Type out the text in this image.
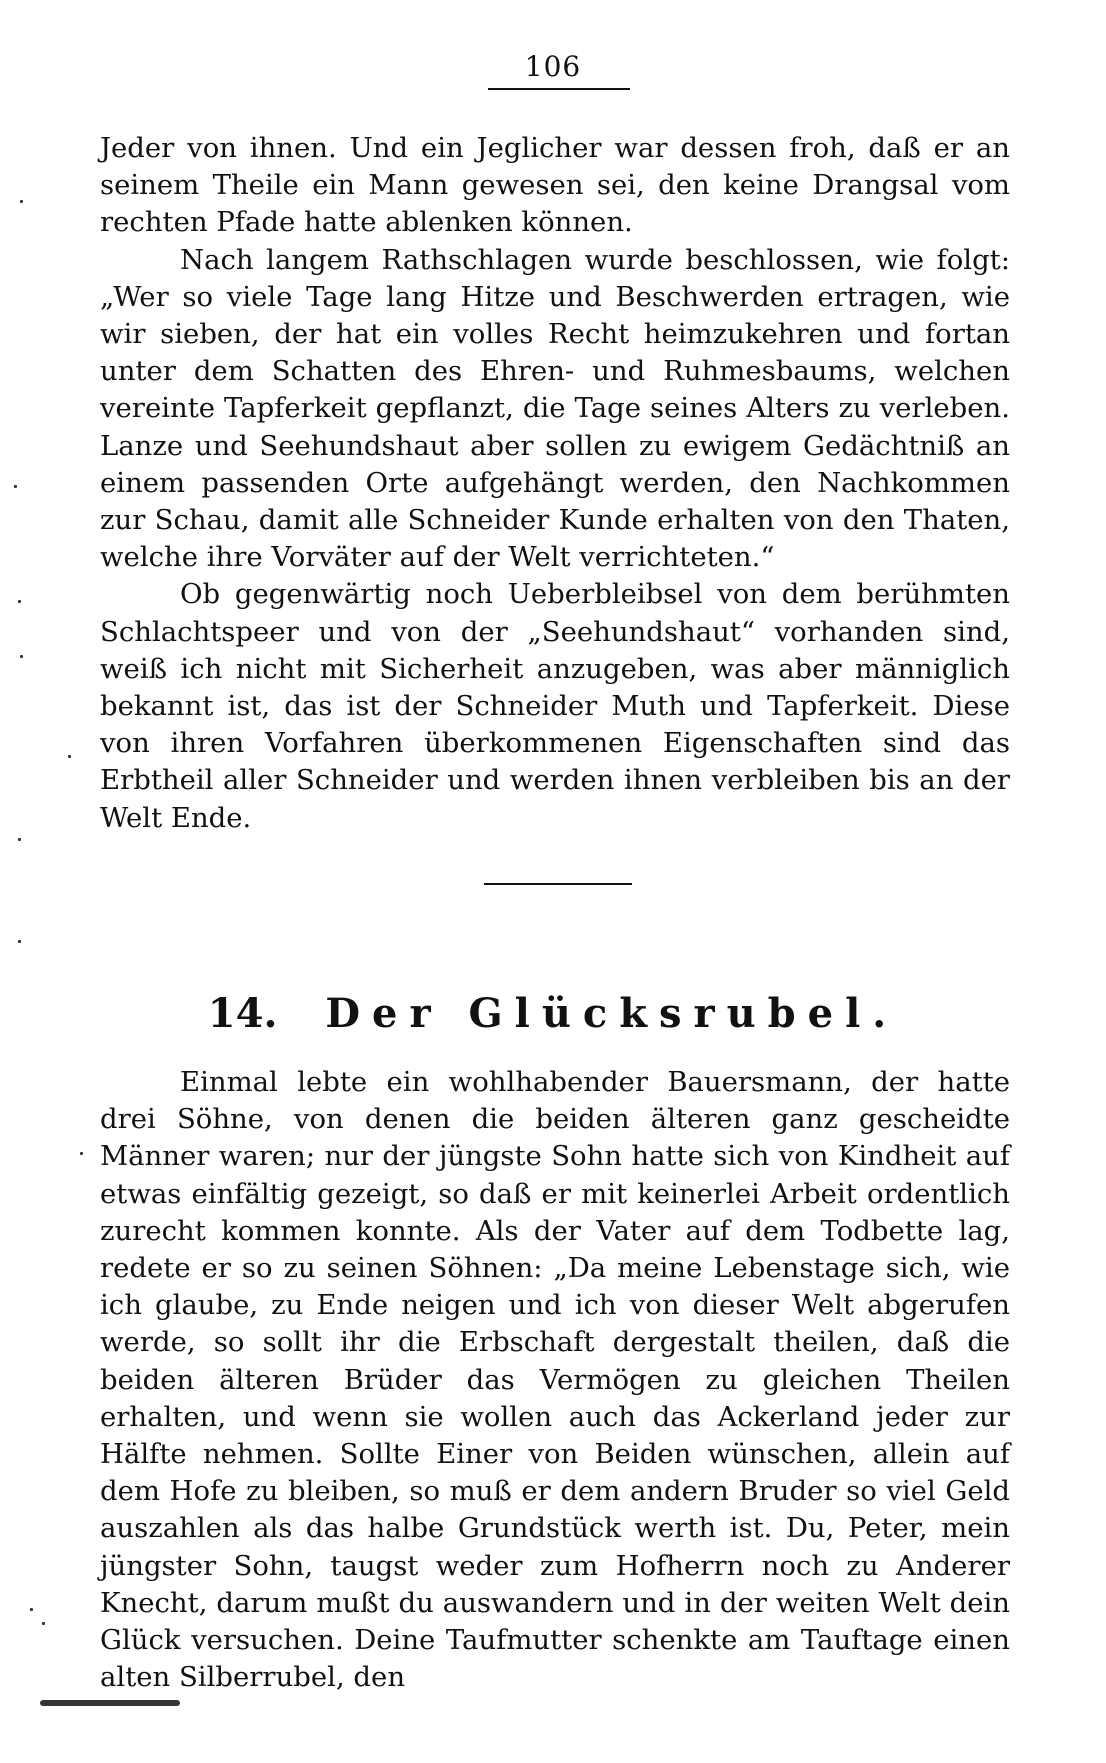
106

Jeder von ihnen. Und ein Jeglicher war dessen froh, daß er an seinem Theile ein Mann gewesen sei, den keine Drangsal vom rechten Pfade hatte ablenken können.

Nach langem Rathschlagen wurde beschlossen, wie folgt: „Wer so viele Tage lang Hitze und Beschwerden ertragen, wie wir sieben, der hat ein volles Recht heimzukehren und fortan unter dem Schatten des Ehren- und Ruhmesbaums, welchen vereinte Tapferkeit gepflanzt, die Tage seines Alters zu verleben. Lanze und Seehundshaut aber sollen zu ewigem Gedächtniß an einem passenden Orte aufgehängt werden, den Nachkommen zur Schau, damit alle Schneider Kunde erhalten von den Thaten, welche ihre Vorväter auf der Welt verrichteten.“

Ob gegenwärtig noch Ueberbleibsel von dem berühmten Schlachtspeer und von der „Seehundshaut“ vorhanden sind, weiß ich nicht mit Sicherheit anzugeben, was aber männiglich bekannt ist, das ist der Schneider Muth und Tapferkeit. Diese von ihren Vorfahren überkommenen Eigenschaften sind das Erbtheil aller Schneider und werden ihnen verbleiben bis an der Welt Ende.

14. Der Glücksrubel.

Einmal lebte ein wohlhabender Bauersmann, der hatte drei Söhne, von denen die beiden älteren ganz gescheidte Männer waren; nur der jüngste Sohn hatte sich von Kindheit auf etwas einfältig gezeigt, so daß er mit keinerlei Arbeit ordentlich zurecht kommen konnte. Als der Vater auf dem Todbette lag, redete er so zu seinen Söhnen: „Da meine Lebenstage sich, wie ich glaube, zu Ende neigen und ich von dieser Welt abgerufen werde, so sollt ihr die Erbschaft dergestalt theilen, daß die beiden älteren Brüder das Vermögen zu gleichen Theilen erhalten, und wenn sie wollen auch das Ackerland jeder zur Hälfte nehmen. Sollte Einer von Beiden wünschen, allein auf dem Hofe zu bleiben, so muß er dem andern Bruder so viel Geld auszahlen als das halbe Grundstück werth ist. Du, Peter, mein jüngster Sohn, taugst weder zum Hofherrn noch zu Anderer Knecht, darum mußt du auswandern und in der weiten Welt dein Glück versuchen. Deine Taufmutter schenkte am Tauftage einen alten Silberrubel, den
